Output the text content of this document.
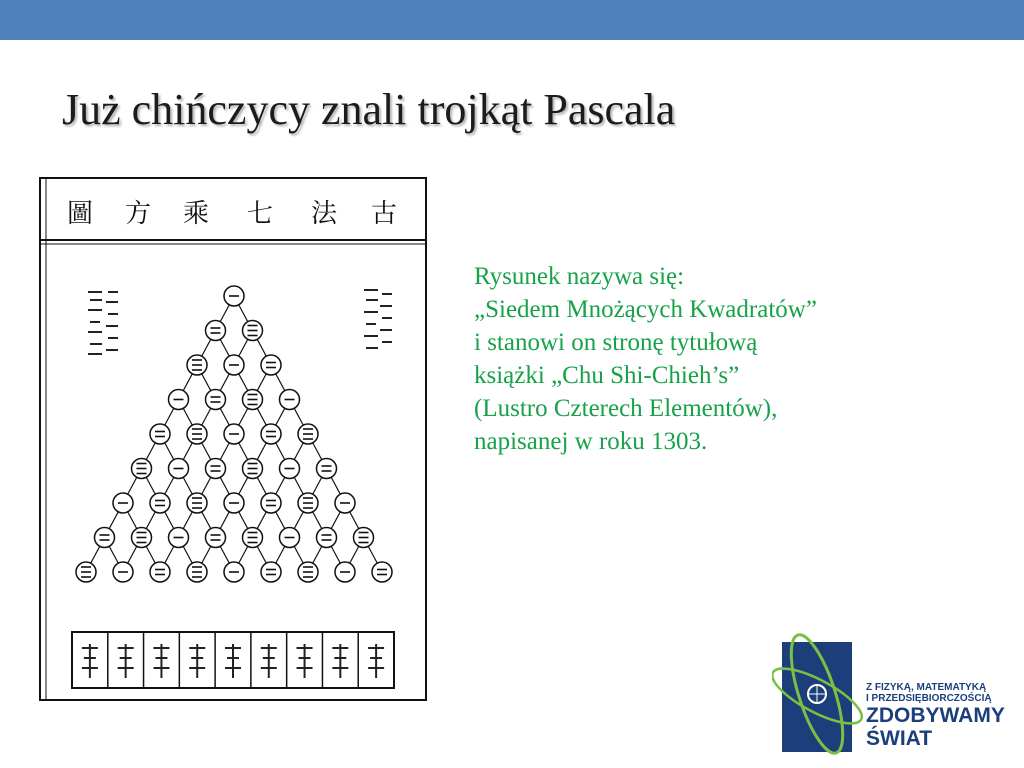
Już chińczycy znali trojkąt Pascala
圖 方 乘 七 法 古
Rysunek nazywa się:
„Siedem Mnożących Kwadratów”
i stanowi on stronę tytułową
książki „Chu Shi-Chieh’s”
(Lustro Czterech Elementów),
napisanej w roku 1303.
Z FIZYKĄ, MATEMATYKĄ
I PRZEDSIĘBIORCZOŚCIĄ
ZDOBYWAMY
ŚWIAT
